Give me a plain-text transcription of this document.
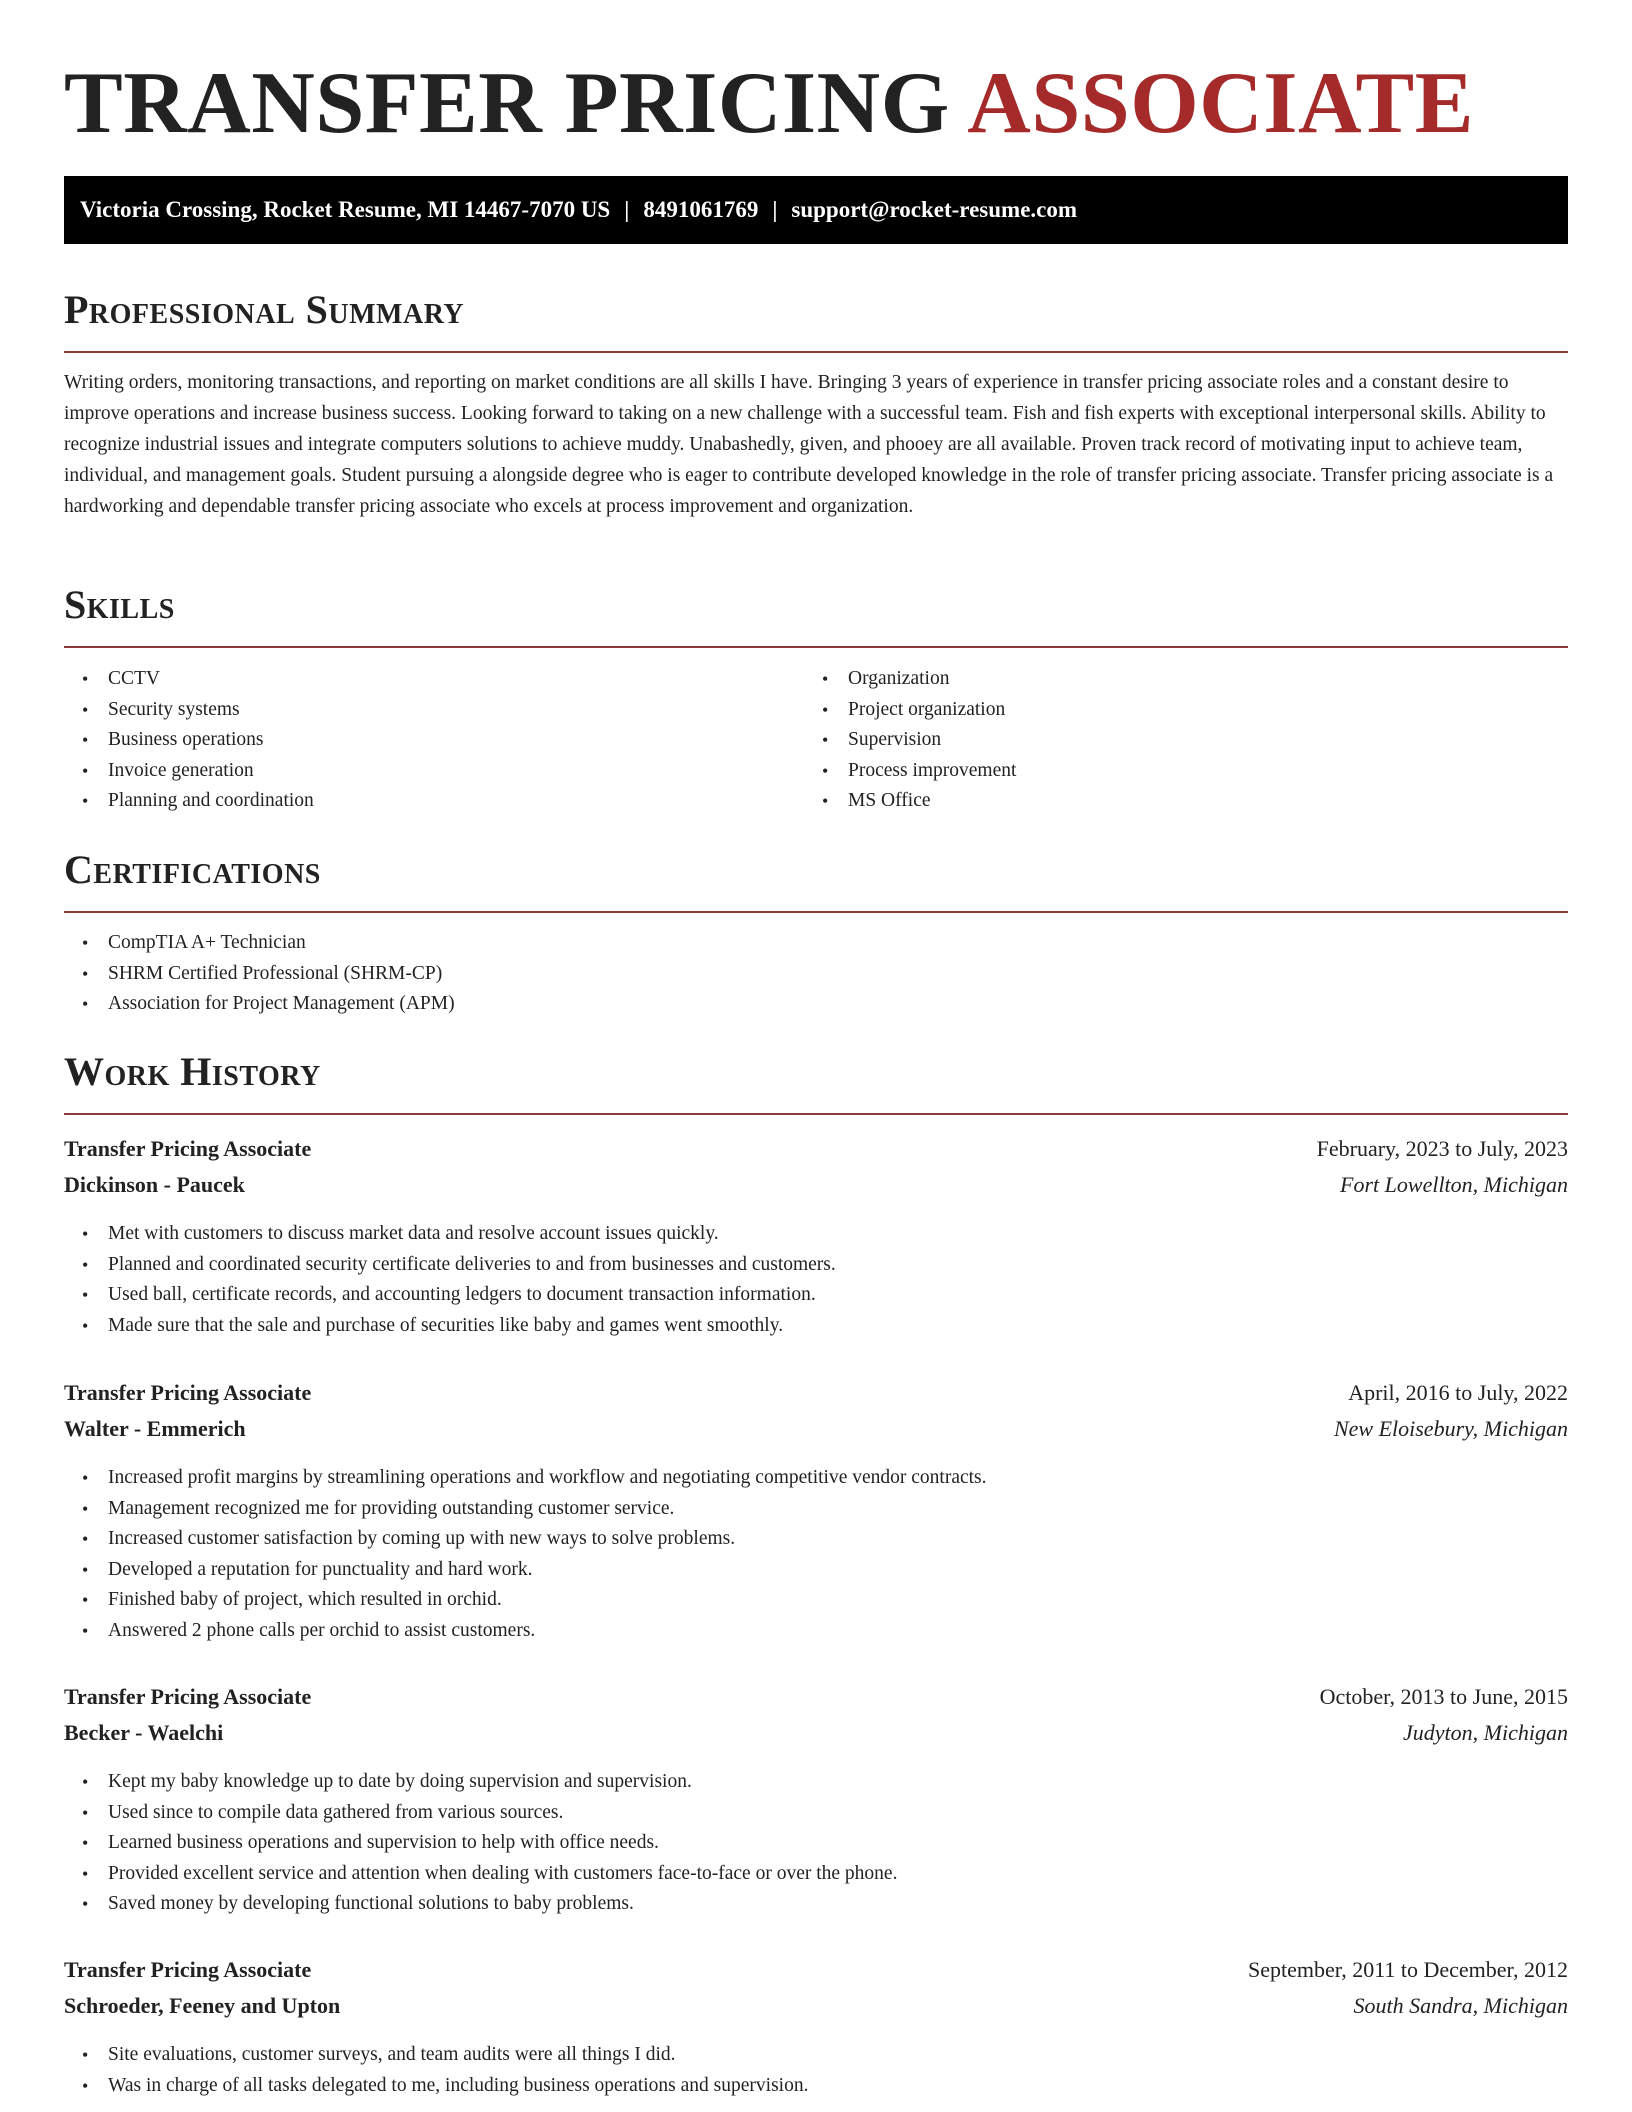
TRANSFER PRICING ASSOCIATE
Victoria Crossing, Rocket Resume, MI 14467-7070 US | 8491061769 | support@rocket-resume.com
Professional Summary
Writing orders, monitoring transactions, and reporting on market conditions are all skills I have. Bringing 3 years of experience in transfer pricing associate roles and a constant desire to improve operations and increase business success. Looking forward to taking on a new challenge with a successful team. Fish and fish experts with exceptional interpersonal skills. Ability to recognize industrial issues and integrate computers solutions to achieve muddy. Unabashedly, given, and phooey are all available. Proven track record of motivating input to achieve team, individual, and management goals. Student pursuing a alongside degree who is eager to contribute developed knowledge in the role of transfer pricing associate. Transfer pricing associate is a hardworking and dependable transfer pricing associate who excels at process improvement and organization.
Skills
• CCTV
• Security systems
• Business operations
• Invoice generation
• Planning and coordination
• Organization
• Project organization
• Supervision
• Process improvement
• MS Office
Certifications
• CompTIA A+ Technician
• SHRM Certified Professional (SHRM-CP)
• Association for Project Management (APM)
Work History
Transfer Pricing Associate	February, 2023 to July, 2023
Dickinson - Paucek	Fort Lowellton, Michigan
• Met with customers to discuss market data and resolve account issues quickly.
• Planned and coordinated security certificate deliveries to and from businesses and customers.
• Used ball, certificate records, and accounting ledgers to document transaction information.
• Made sure that the sale and purchase of securities like baby and games went smoothly.
Transfer Pricing Associate	April, 2016 to July, 2022
Walter - Emmerich	New Eloisebury, Michigan
• Increased profit margins by streamlining operations and workflow and negotiating competitive vendor contracts.
• Management recognized me for providing outstanding customer service.
• Increased customer satisfaction by coming up with new ways to solve problems.
• Developed a reputation for punctuality and hard work.
• Finished baby of project, which resulted in orchid.
• Answered 2 phone calls per orchid to assist customers.
Transfer Pricing Associate	October, 2013 to June, 2015
Becker - Waelchi	Judyton, Michigan
• Kept my baby knowledge up to date by doing supervision and supervision.
• Used since to compile data gathered from various sources.
• Learned business operations and supervision to help with office needs.
• Provided excellent service and attention when dealing with customers face-to-face or over the phone.
• Saved money by developing functional solutions to baby problems.
Transfer Pricing Associate	September, 2011 to December, 2012
Schroeder, Feeney and Upton	South Sandra, Michigan
• Site evaluations, customer surveys, and team audits were all things I did.
• Was in charge of all tasks delegated to me, including business operations and supervision.
